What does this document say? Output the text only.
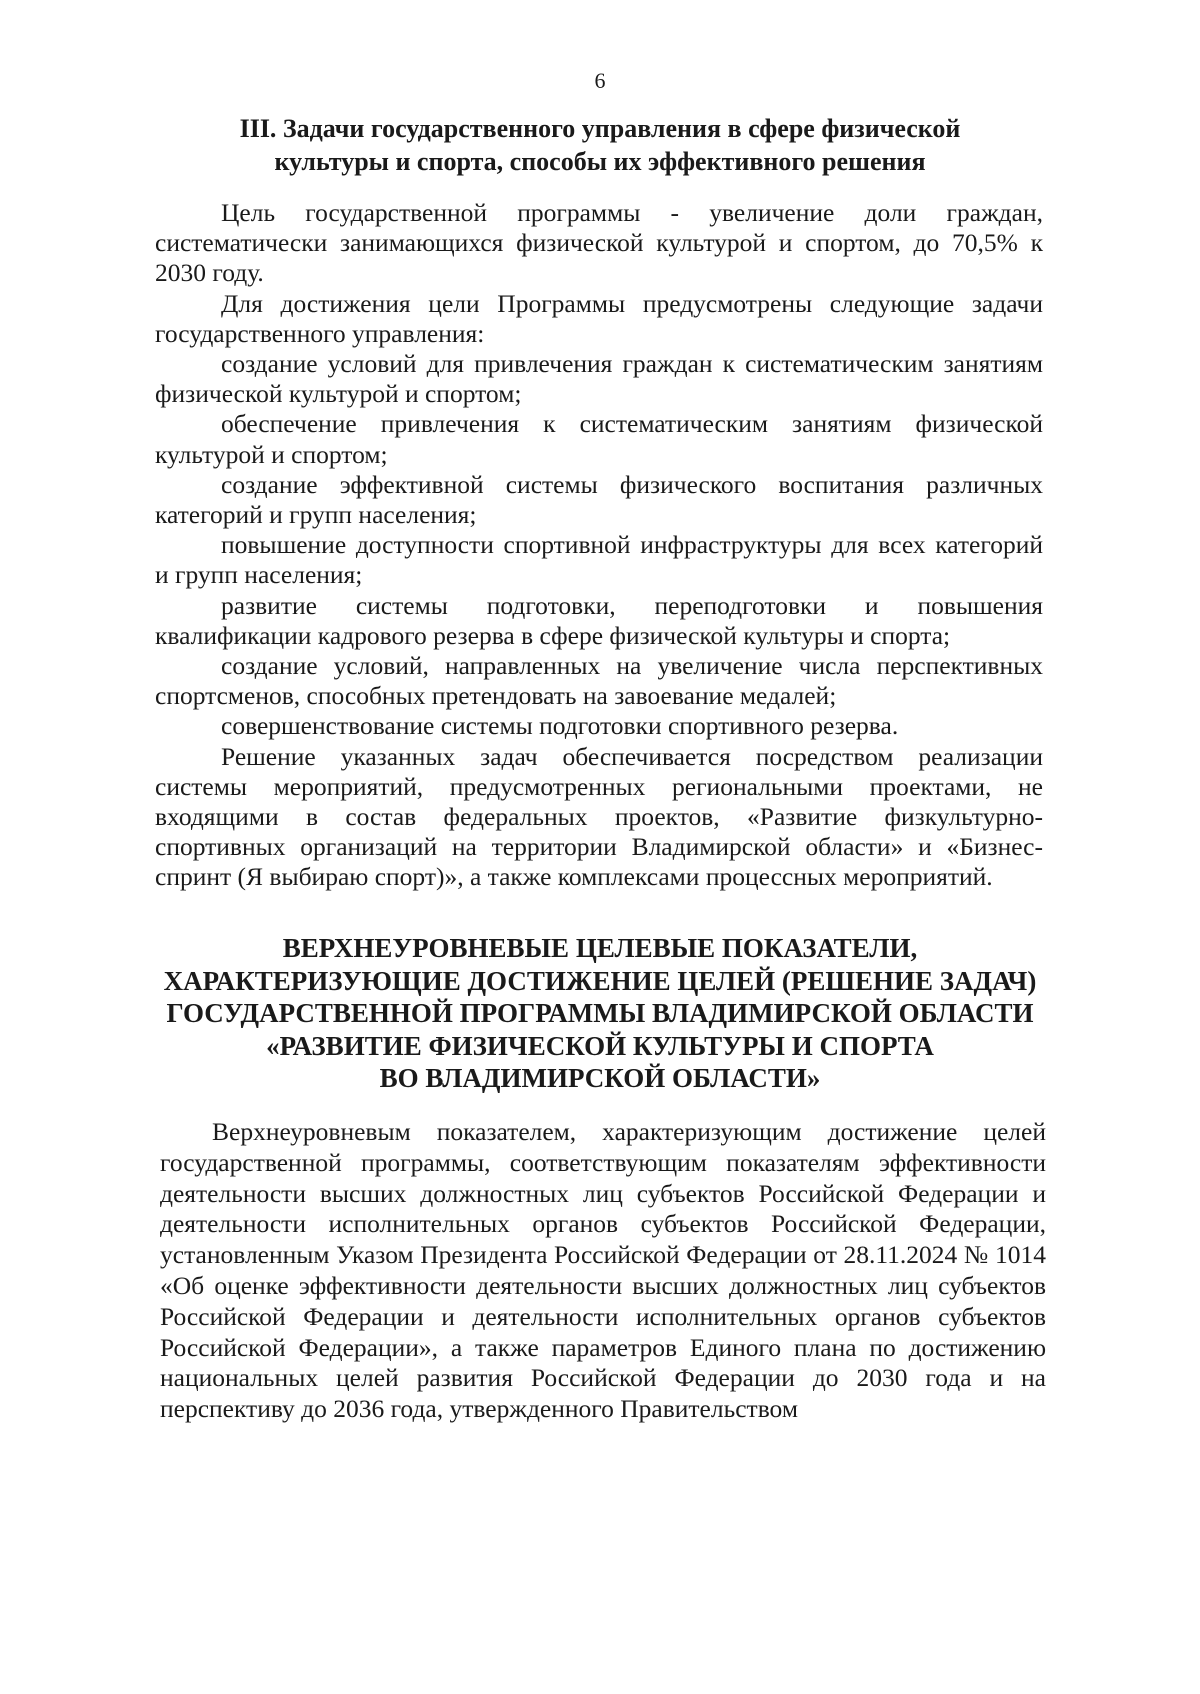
6
III. Задачи государственного управления в сфере физической
культуры и спорта, способы их эффективного решения

Цель государственной программы - увеличение доли граждан, систематически занимающихся физической культурой и спортом, до 70,5% к 2030 году.

Для достижения цели Программы предусмотрены следующие задачи государственного управления:

создание условий для привлечения граждан к систематическим занятиям физической культурой и спортом;

обеспечение привлечения к систематическим занятиям физической культурой и спортом;

создание эффективной системы физического воспитания различных категорий и групп населения;

повышение доступности спортивной инфраструктуры для всех категорий и групп населения;

развитие системы подготовки, переподготовки и повышения квалификации кадрового резерва в сфере физической культуры и спорта;

создание условий, направленных на увеличение числа перспективных спортсменов, способных претендовать на завоевание медалей;

совершенствование системы подготовки спортивного резерва.

Решение указанных задач обеспечивается посредством реализации системы мероприятий, предусмотренных региональными проектами, не входящими в состав федеральных проектов, «Развитие физкультурно-спортивных организаций на территории Владимирской области» и «Бизнес-спринт (Я выбираю спорт)», а также комплексами процессных мероприятий.

ВЕРХНЕУРОВНЕВЫЕ ЦЕЛЕВЫЕ ПОКАЗАТЕЛИ,
ХАРАКТЕРИЗУЮЩИЕ ДОСТИЖЕНИЕ ЦЕЛЕЙ (РЕШЕНИЕ ЗАДАЧ)
ГОСУДАРСТВЕННОЙ ПРОГРАММЫ ВЛАДИМИРСКОЙ ОБЛАСТИ
«РАЗВИТИЕ ФИЗИЧЕСКОЙ КУЛЬТУРЫ И СПОРТА
ВО ВЛАДИМИРСКОЙ ОБЛАСТИ»

Верхнеуровневым показателем, характеризующим достижение целей государственной программы, соответствующим показателям эффективности деятельности высших должностных лиц субъектов Российской Федерации и деятельности исполнительных органов субъектов Российской Федерации, установленным Указом Президента Российской Федерации от 28.11.2024 № 1014 «Об оценке эффективности деятельности высших должностных лиц субъектов Российской Федерации и деятельности исполнительных органов субъектов Российской Федерации», а также параметров Единого плана по достижению национальных целей развития Российской Федерации до 2030 года и на перспективу до 2036 года, утвержденного Правительством
